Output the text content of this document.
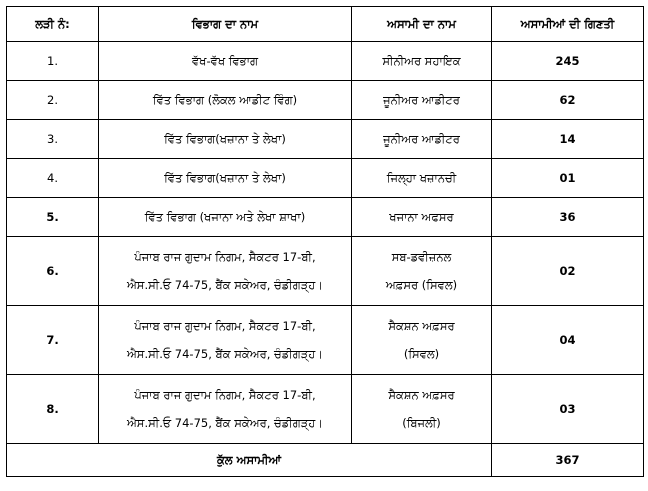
ਲੜੀ ਨੰ:	ਵਿਭਾਗ ਦਾ ਨਾਮ	ਅਸਾਮੀ ਦਾ ਨਾਮ	ਅਸਾਮੀਆਂ ਦੀ ਗਿਣਤੀ
1.	ਵੱਖ-ਵੱਖ ਵਿਭਾਗ	ਸੀਨੀਅਰ ਸਹਾਇਕ	245
2.	ਵਿੱਤ ਵਿਭਾਗ (ਲੋਕਲ ਆਡੀਟ ਵਿੰਗ)	ਜੂਨੀਅਰ ਆਡੀਟਰ	62
3.	ਵਿੱਤ ਵਿਭਾਗ(ਖਜ਼ਾਨਾ ਤੇ ਲੇਖਾ)	ਜੂਨੀਅਰ ਆਡੀਟਰ	14
4.	ਵਿੱਤ ਵਿਭਾਗ(ਖਜ਼ਾਨਾ ਤੇ ਲੇਖਾ)	ਜਿਲ੍ਹਾ ਖਜ਼ਾਨਚੀ	01
5.	ਵਿੱਤ ਵਿਭਾਗ (ਖਜਾਨਾ ਅਤੇ ਲੇਖਾ ਸ਼ਾਖਾ)	ਖਜਾਨਾ ਅਫਸਰ	36
6.	ਪੰਜਾਬ ਰਾਜ ਗੁਦਾਮ ਨਿਗਮ, ਸੈਕਟਰ 17-ਬੀ,
ਐਸ.ਸੀ.ਓ 74-75, ਬੈਂਕ ਸਕੇਅਰ, ਚੰਡੀਗੜ੍ਹ।	ਸਬ-ਡਵੀਜ਼ਨਲ
ਅਫ਼ਸਰ (ਸਿਵਲ)	02
7.	ਪੰਜਾਬ ਰਾਜ ਗੁਦਾਮ ਨਿਗਮ, ਸੈਕਟਰ 17-ਬੀ,
ਐਸ.ਸੀ.ਓ 74-75, ਬੈਂਕ ਸਕੇਅਰ, ਚੰਡੀਗੜ੍ਹ।	ਸੈਕਸ਼ਨ ਅਫ਼ਸਰ
(ਸਿਵਲ)	04
8.	ਪੰਜਾਬ ਰਾਜ ਗੁਦਾਮ ਨਿਗਮ, ਸੈਕਟਰ 17-ਬੀ,
ਐਸ.ਸੀ.ਓ 74-75, ਬੈਂਕ ਸਕੇਅਰ, ਚੰਡੀਗੜ੍ਹ।	ਸੈਕਸ਼ਨ ਅਫ਼ਸਰ
(ਬਿਜਲੀ)	03
ਕੁੱਲ ਅਸਾਮੀਆਂ			367
